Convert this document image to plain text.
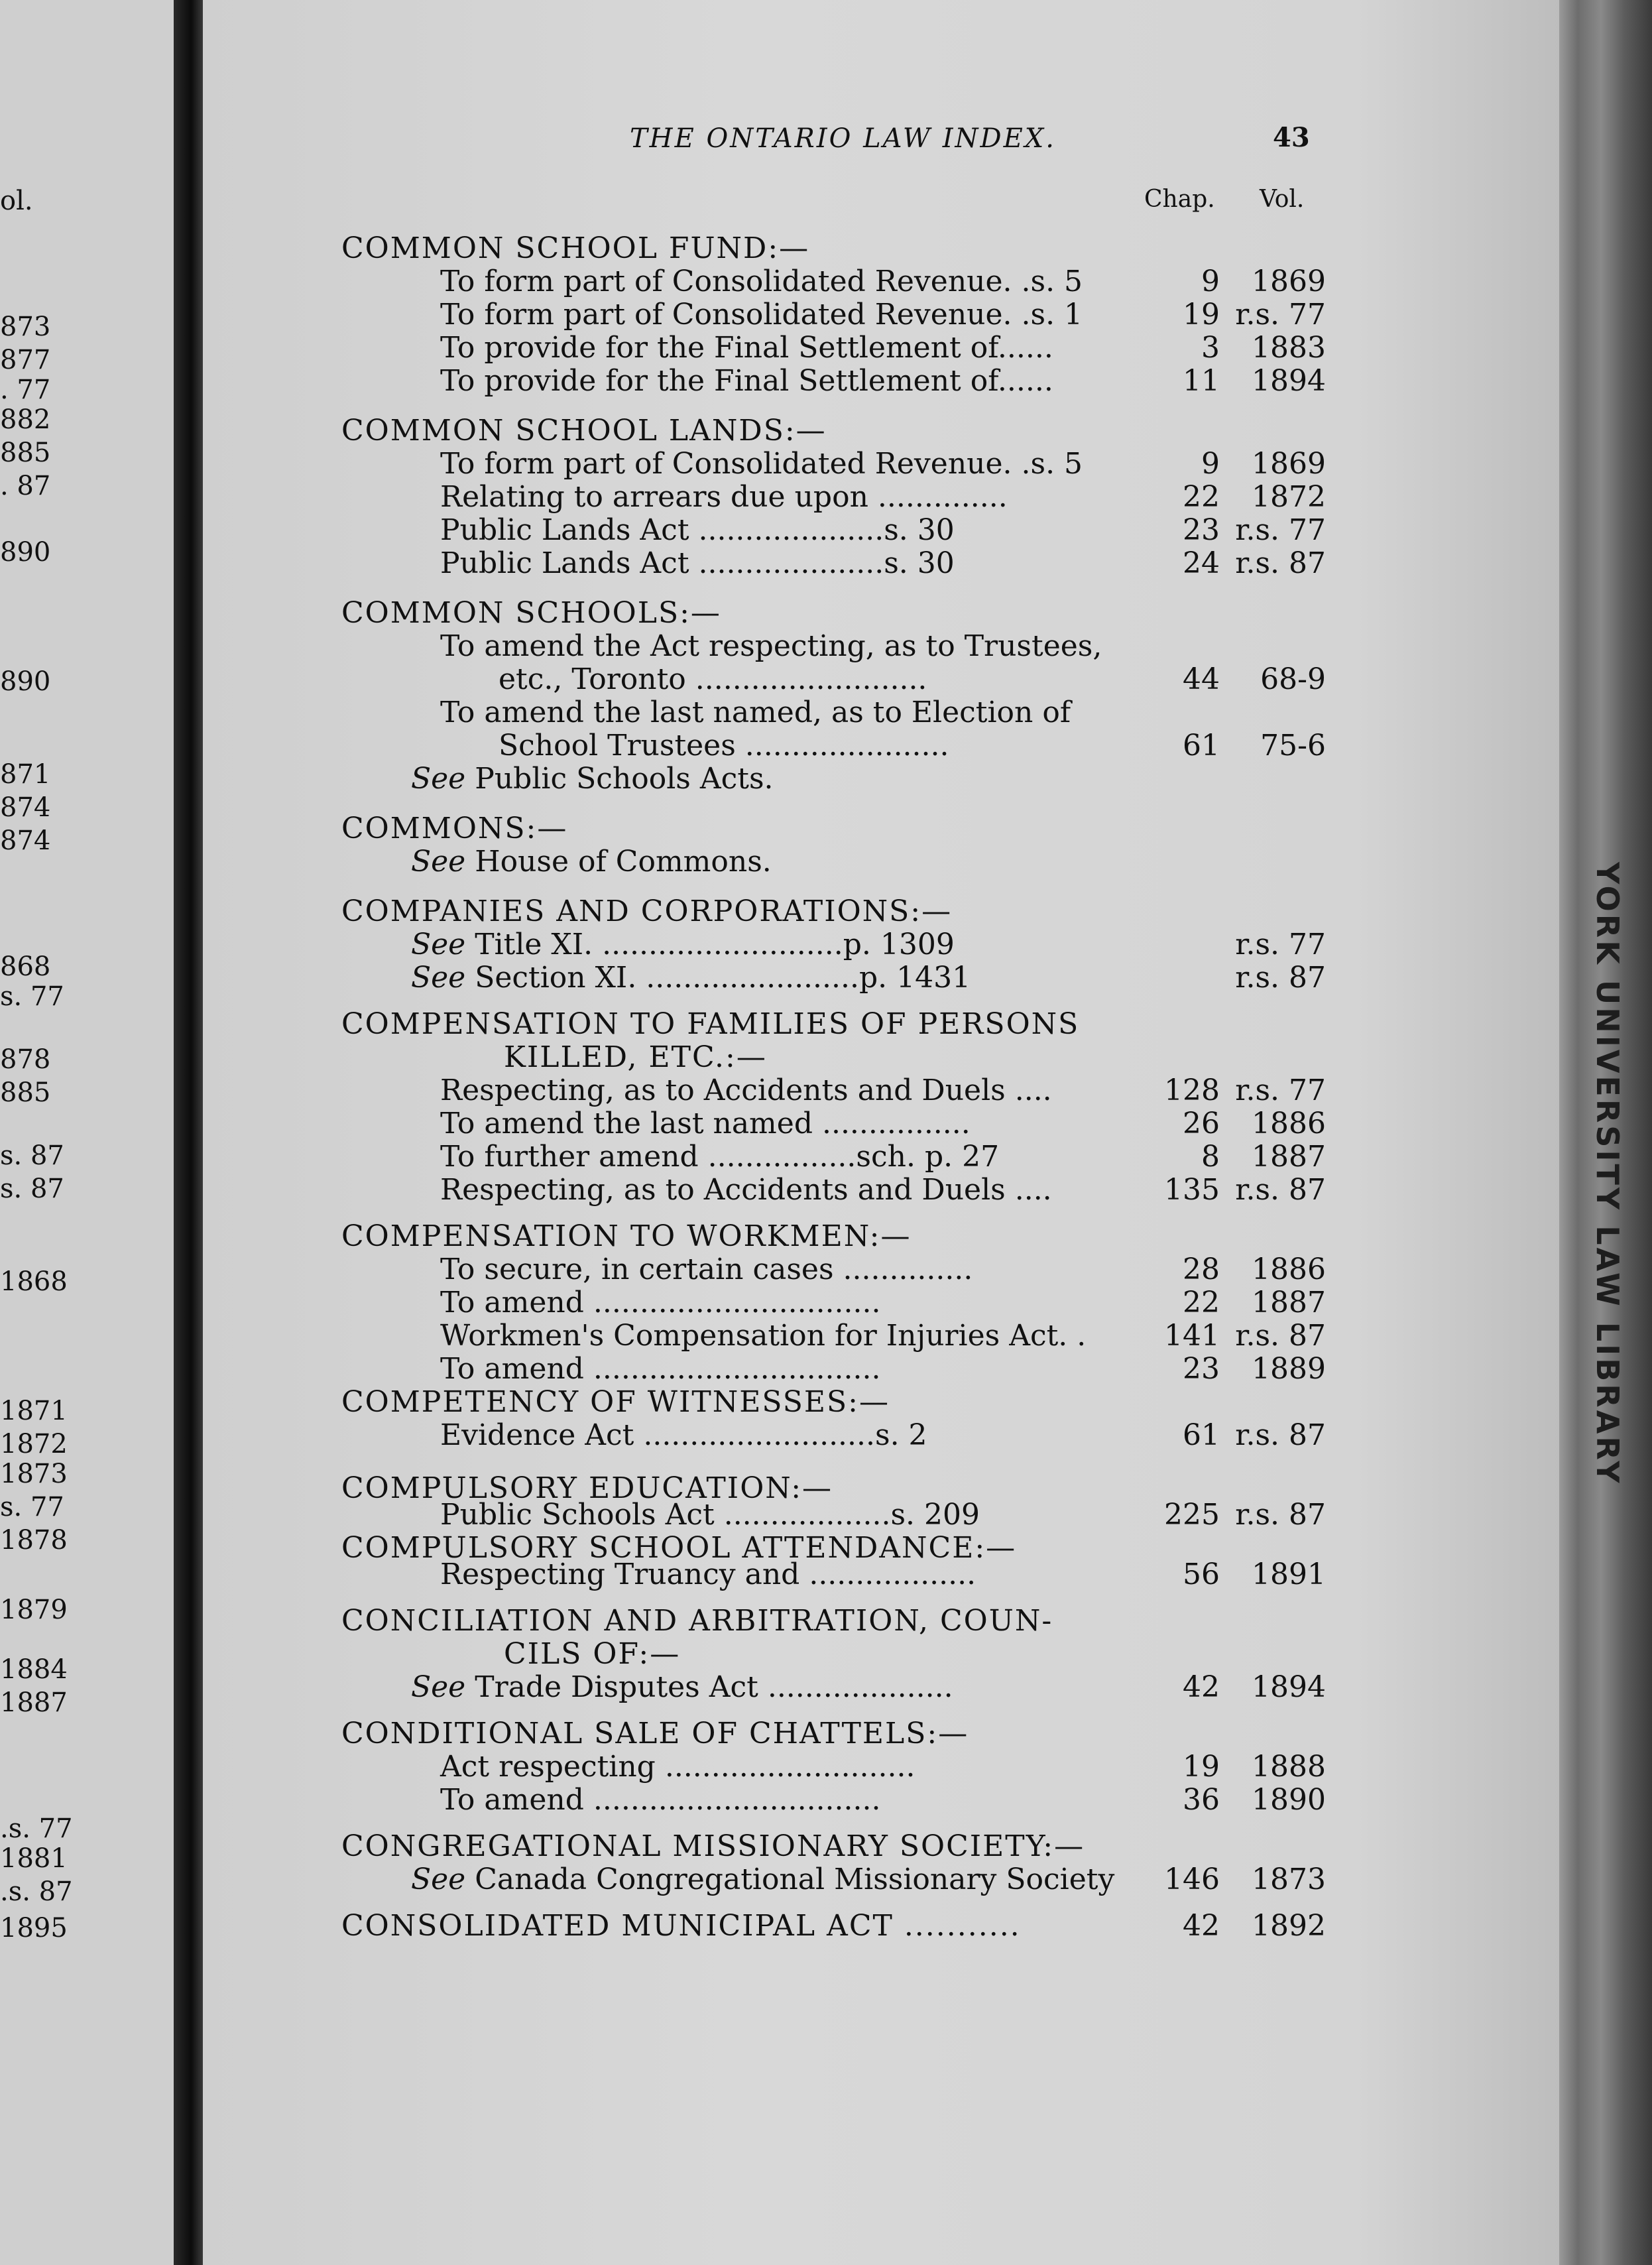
ol.
873
877
. 77
882
885
. 87
890
890
871
874
874
868
s. 77
878
885
s. 87
s. 87
1868
1871
1872
1873
s. 77
1878
1879
1884
1887
.s. 77
1881
.s. 87
1895
YORK UNIVERSITY LAW LIBRARY
THE ONTARIO LAW INDEX.	43
Chap. Vol.
COMMON SCHOOL FUND:—
To form part of Consolidated Revenue. .s. 5	9	1869
To form part of Consolidated Revenue. .s. 1	19 r.s. 77
To provide for the Final Settlement of......	3	1883
To provide for the Final Settlement of......	11	1894
COMMON SCHOOL LANDS:—
To form part of Consolidated Revenue. .s. 5	9	1869
Relating to arrears due upon ..............	22	1872
Public Lands Act ....................s. 30	23 r.s. 77
Public Lands Act ....................s. 30	24 r.s. 87
COMMON SCHOOLS:—
To amend the Act respecting, as to Trustees,
etc., Toronto .........................	44	68-9
To amend the last named, as to Election of
School Trustees ......................	61	75-6
See Public Schools Acts.
COMMONS:—
See House of Commons.
COMPANIES AND CORPORATIONS:—
See Title XI. ..........................p. 1309	r.s. 77
See Section XI. .......................p. 1431	r.s. 87
COMPENSATION TO FAMILIES OF PERSONS
KILLED, ETC.:—
Respecting, as to Accidents and Duels ....	128 r.s. 77
To amend the last named ................	26	1886
To further amend ................sch. p. 27	8	1887
Respecting, as to Accidents and Duels ....	135 r.s. 87
COMPENSATION TO WORKMEN:—
To secure, in certain cases ..............	28	1886
To amend ...............................	22	1887
Workmen's Compensation for Injuries Act. .	141 r.s. 87
To amend ...............................	23	1889
COMPETENCY OF WITNESSES:—
Evidence Act .........................s. 2	61 r.s. 87
COMPULSORY EDUCATION:—
Public Schools Act ..................s. 209	225 r.s. 87
COMPULSORY SCHOOL ATTENDANCE:—
Respecting Truancy and ..................	56	1891
CONCILIATION AND ARBITRATION, COUN-
CILS OF:—
See Trade Disputes Act ....................	42	1894
CONDITIONAL SALE OF CHATTELS:—
Act respecting ...........................	19	1888
To amend ...............................	36	1890
CONGREGATIONAL MISSIONARY SOCIETY:—
See Canada Congregational Missionary Society	146	1873
CONSOLIDATED MUNICIPAL ACT ...........	42	1892
